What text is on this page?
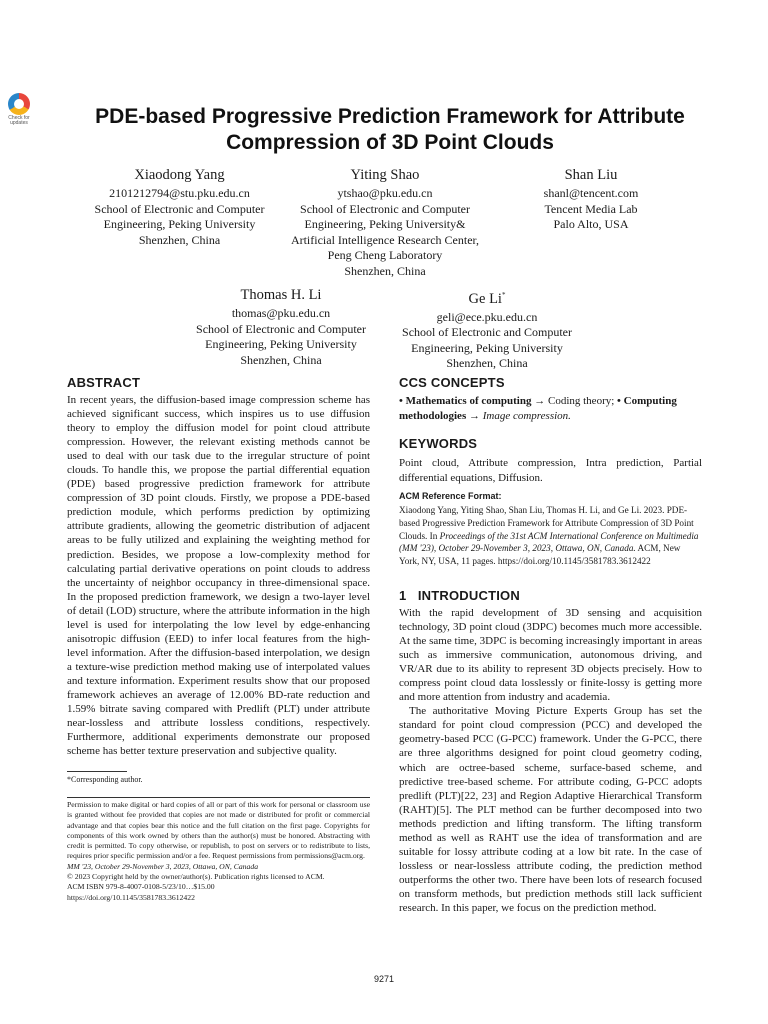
Check for
updates	PDE-based Progressive Prediction Framework for Attribute Compression of 3D Point Clouds
Xiaodong Yang
2101212794@stu.pku.edu.cn
School of Electronic and Computer
Engineering, Peking University
Shenzhen, China
Yiting Shao
ytshao@pku.edu.cn
School of Electronic and Computer
Engineering, Peking University&
Artificial Intelligence Research Center,
Peng Cheng Laboratory
Shenzhen, China
Shan Liu
shanl@tencent.com
Tencent Media Lab
Palo Alto, USA
Thomas H. Li
thomas@pku.edu.cn
School of Electronic and Computer
Engineering, Peking University
Shenzhen, China
Ge Li*
geli@ece.pku.edu.cn
School of Electronic and Computer
Engineering, Peking University
Shenzhen, China
ABSTRACT
In recent years, the diffusion-based image compression scheme has achieved significant success, which inspires us to use diffusion theory to employ the diffusion model for point cloud attribute compression. However, the relevant existing methods cannot be used to deal with our task due to the irregular structure of point clouds. To handle this, we propose the partial differential equation (PDE) based progressive prediction framework for attribute compression of 3D point clouds. Firstly, we propose a PDE-based prediction module, which performs prediction by optimizing attribute gradients, allowing the geometric distribution of adjacent areas to be fully utilized and explaining the weighting method for prediction. Besides, we propose a low-complexity method for calculating partial derivative operations on point clouds to address the uncertainty of neighbor occupancy in three-dimensional space. In the proposed prediction framework, we design a two-layer level of detail (LOD) structure, where the attribute information in the high level is used for interpolating the low level by edge-enhancing anisotropic diffusion (EED) to infer local features from the high-level information. After the diffusion-based interpolation, we design a texture-wise prediction method making use of interpolated values and texture information. Experiment results show that our proposed framework achieves an average of 12.00% BD-rate reduction and 1.59% bitrate saving compared with Predlift (PLT) under attribute near-lossless and attribute lossless conditions, respectively. Furthermore, additional experiments demonstrate our proposed scheme has better texture preservation and subjective quality.
*Corresponding author.

Permission to make digital or hard copies of all or part of this work for personal or classroom use is granted without fee provided that copies are not made or distributed for profit or commercial advantage and that copies bear this notice and the full citation on the first page. Copyrights for components of this work owned by others than the author(s) must be honored. Abstracting with credit is permitted. To copy otherwise, or republish, to post on servers or to redistribute to lists, requires prior specific permission and/or a fee. Request permissions from permissions@acm.org.

MM '23, October 29-November 3, 2023, Ottawa, ON, Canada

© 2023 Copyright held by the owner/author(s). Publication rights licensed to ACM.

ACM ISBN 979-8-4007-0108-5/23/10…$15.00

https://doi.org/10.1145/3581783.3612422

CCS CONCEPTS
• Mathematics of computing → Coding theory; • Computing methodologies → Image compression.
KEYWORDS
Point cloud, Attribute compression, Intra prediction, Partial differential equations, Diffusion.
ACM Reference Format:
Xiaodong Yang, Yiting Shao, Shan Liu, Thomas H. Li, and Ge Li. 2023. PDE-based Progressive Prediction Framework for Attribute Compression of 3D Point Clouds. In Proceedings of the 31st ACM International Conference on Multimedia (MM '23), October 29-November 3, 2023, Ottawa, ON, Canada. ACM, New York, NY, USA, 11 pages. https://doi.org/10.1145/3581783.3612422
1   INTRODUCTION

With the rapid development of 3D sensing and acquisition technology, 3D point cloud (3DPC) becomes much more accessible. At the same time, 3DPC is becoming increasingly important in areas such as immersive communication, autonomous driving, and VR/AR due to its ability to represent 3D objects precisely. How to compress point cloud data losslessly or finite-lossy is getting more and more attention from industry and academia.

The authoritative Moving Picture Experts Group has set the standard for point cloud compression (PCC) and developed the geometry-based PCC (G-PCC) framework. Under the G-PCC, there are three algorithms designed for point cloud geometry coding, which are octree-based scheme, surface-based scheme, and predictive tree-based scheme. For attribute coding, G-PCC adopts predlift (PLT)[22, 23] and Region Adaptive Hierarchical Transform (RAHT)[5]. The PLT method can be further decomposed into two methods prediction and lifting transform. The lifting transform method as well as RAHT use the idea of transformation and are suitable for lossy attribute coding at a low bit rate. In the case of lossless or near-lossless attribute coding, the prediction method outperforms the other two. There have been lots of research focused on transform methods, but prediction methods still lack sufficient research. In this paper, we focus on the prediction method.

9271
